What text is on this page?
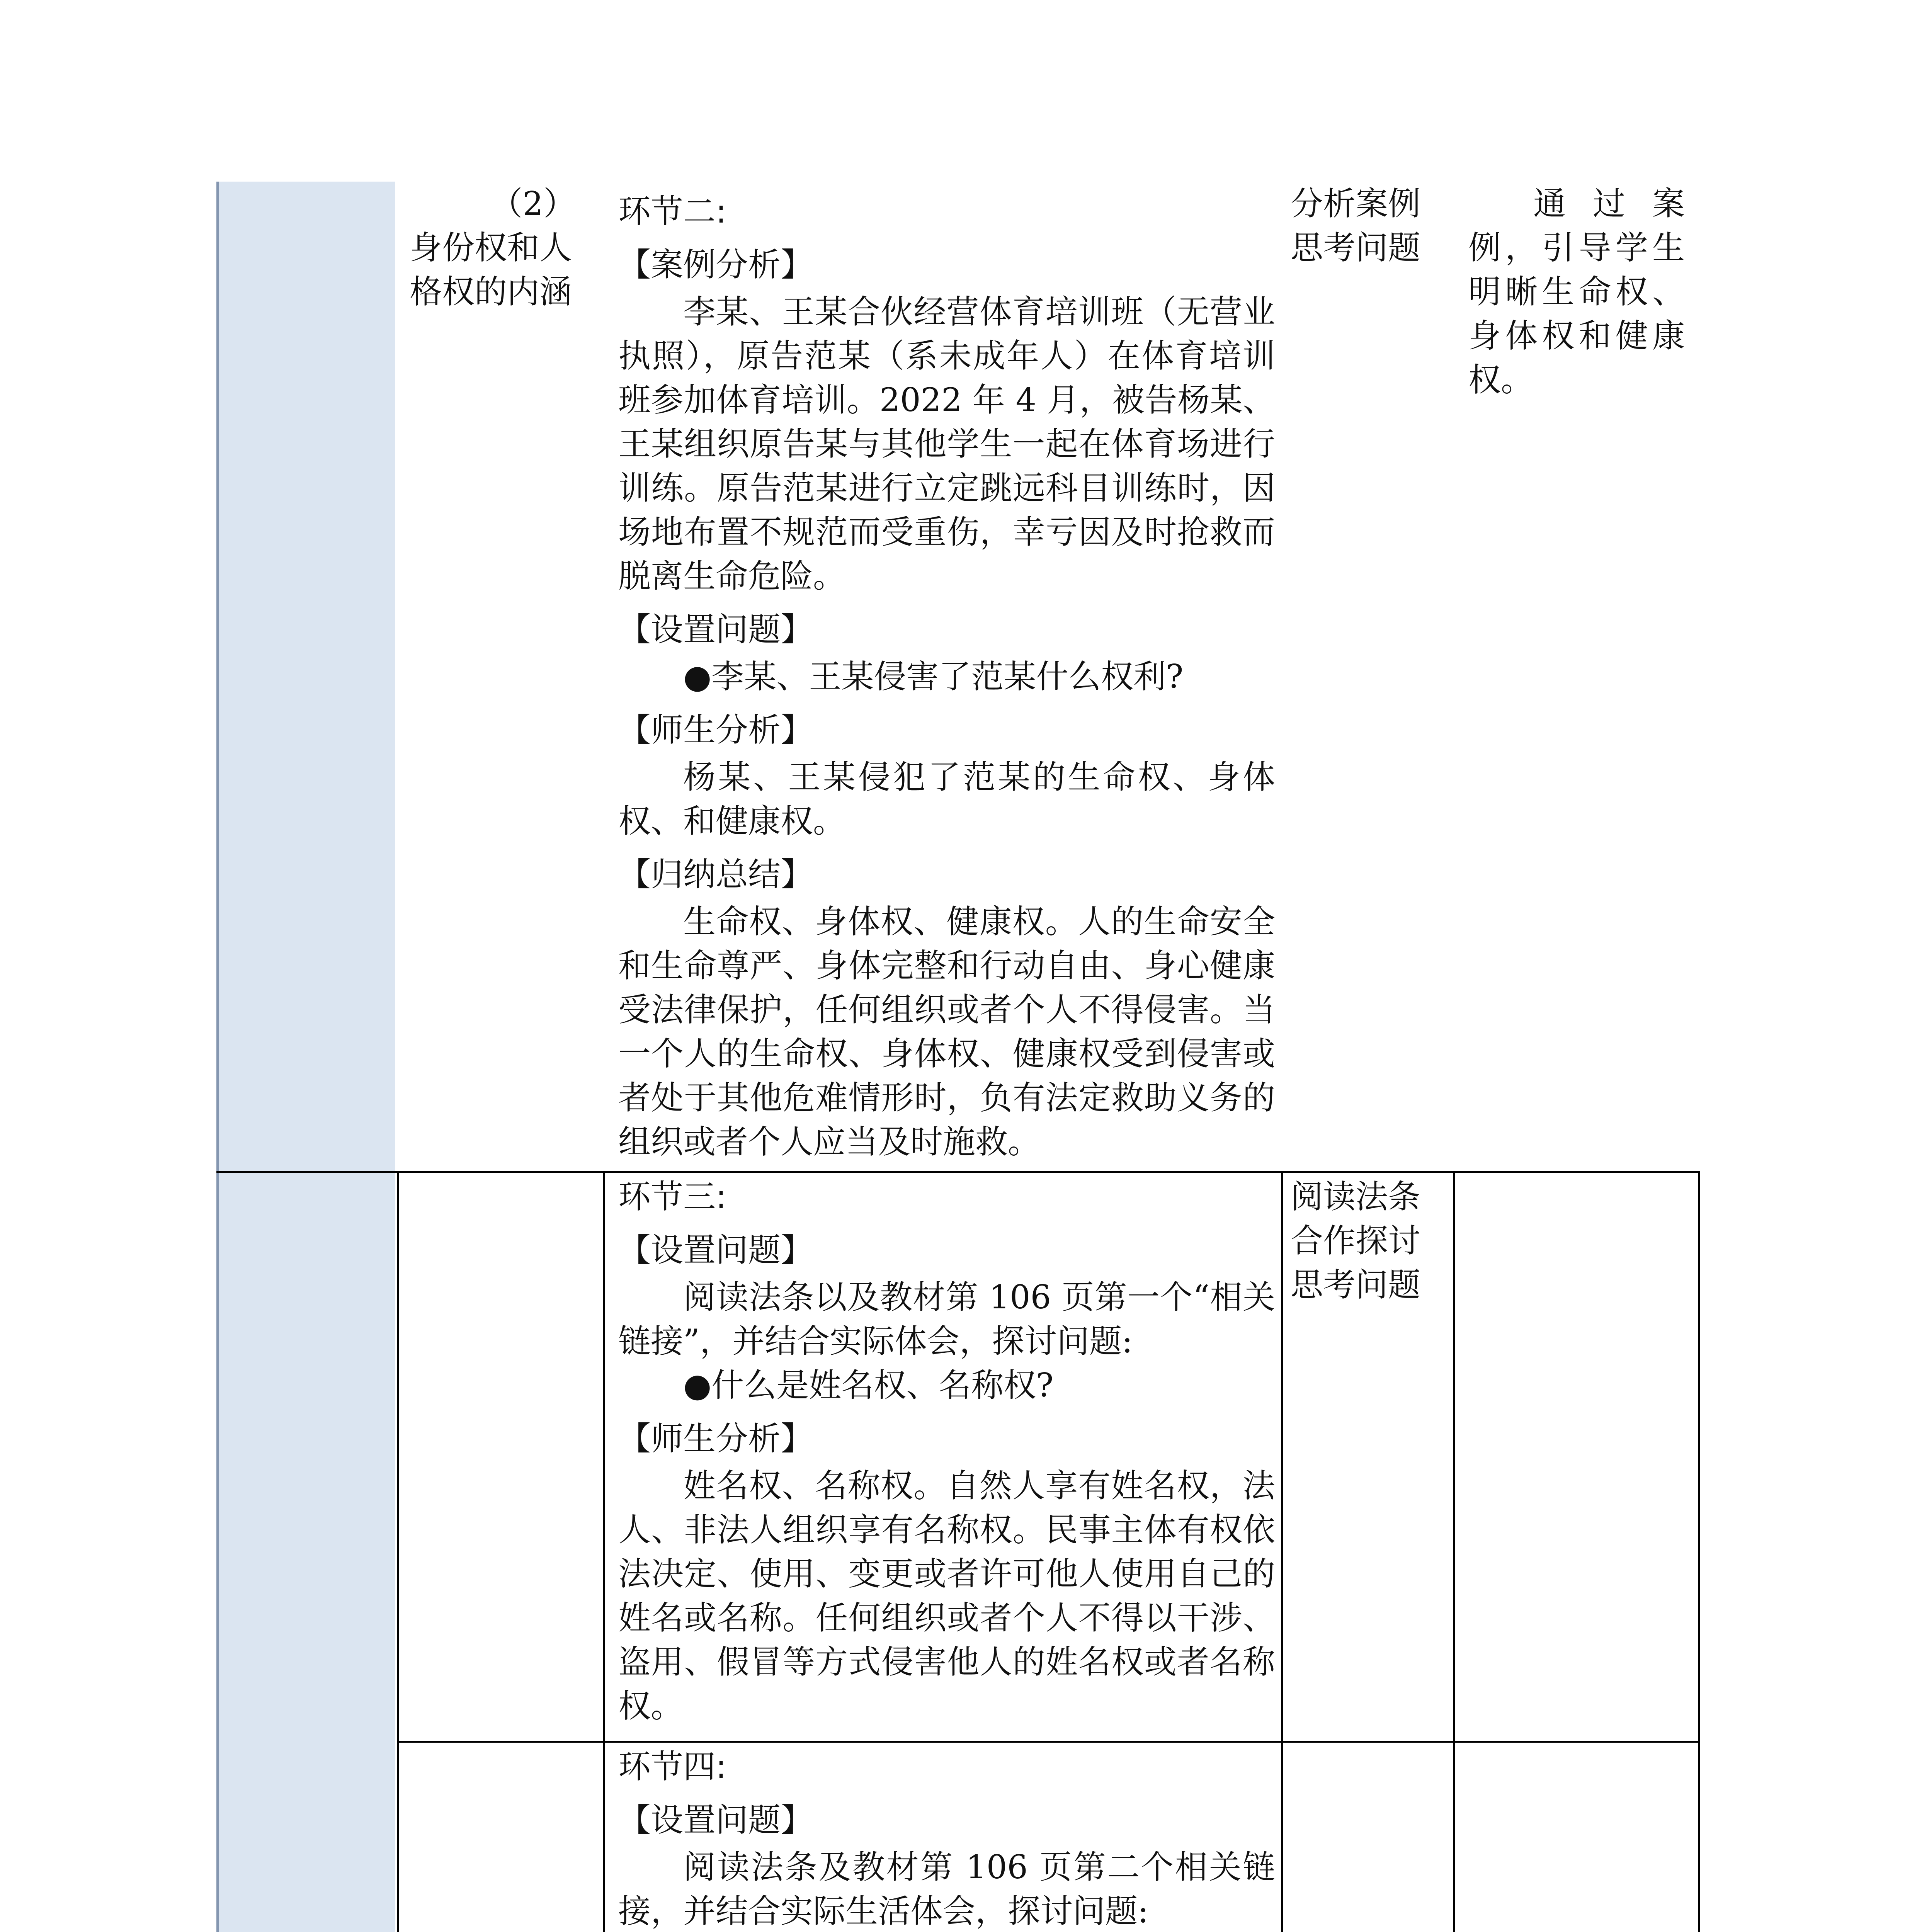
（2）
身份权和人
格权的内涵
环节二:
【案例分析】

李某、王某合伙经营体育培训班（无营业执照），原告范某（系未成年人）在体育培训班参加体育培训。2022 年 4 月，被告杨某、王某组织原告某与其他学生一起在体育场进行训练。原告范某进行立定跳远科目训练时，因场地布置不规范而受重伤，幸亏因及时抢救而脱离生命危险。

【设置问题】

●李某、王某侵害了范某什么权利?

【师生分析】

杨某、王某侵犯了范某的生命权、身体权、和健康权。

【归纳总结】

生命权、身体权、健康权。人的生命安全和生命尊严、身体完整和行动自由、身心健康受法律保护，任何组织或者个人不得侵害。当一个人的生命权、身体权、健康权受到侵害或者处于其他危难情形时，负有法定救助义务的组织或者个人应当及时施救。

分析案例
思考问题

通过案例，引导学生明晰生命权、身体权和健康权。

环节三:
【设置问题】

阅读法条以及教材第 106 页第一个“相关链接”，并结合实际体会，探讨问题:

●什么是姓名权、名称权?

【师生分析】

姓名权、名称权。自然人享有姓名权，法人、非法人组织享有名称权。民事主体有权依法决定、使用、变更或者许可他人使用自己的姓名或名称。任何组织或者个人不得以干涉、盗用、假冒等方式侵害他人的姓名权或者名称权。

阅读法条
合作探讨
思考问题
环节四:
【设置问题】

阅读法条及教材第 106 页第二个相关链接，并结合实际生活体会，探讨问题:
